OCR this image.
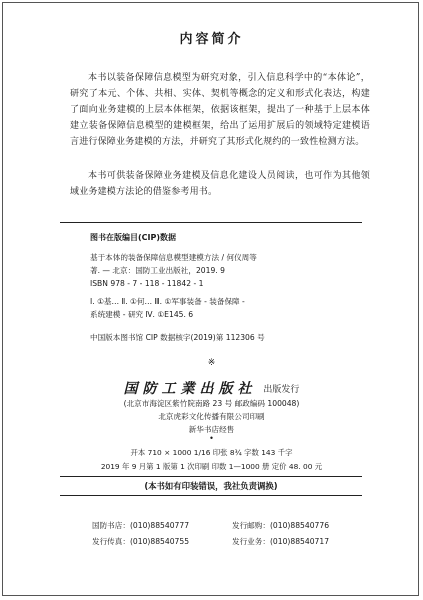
内容简介
本书以装备保障信息模型为研究对象，引入信息科学中的“本体论”，研究了本元、个体、共相、实体、契机等概念的定义和形式化表达，构建了面向业务建模的上层本体框架，依据该框架，提出了一种基于上层本体建立装备保障信息模型的建模框架，给出了运用扩展后的领域特定建模语言进行保障业务建模的方法，并研究了其形式化规约的一致性检测方法。
本书可供装备保障业务建模及信息化建设人员阅读，也可作为其他领域业务建模方法论的借鉴参考用书。
图书在版编目(CIP)数据
基于本体的装备保障信息模型建模方法 / 何仪周等
著. — 北京：国防工业出版社，2019. 9
ISBN 978 - 7 - 118 - 11842 - 1
Ⅰ. ①基… Ⅱ. ①何… Ⅲ. ①军事装备 - 装备保障 -
系统建模 - 研究 Ⅳ. ①E145. 6
中国版本图书馆 CIP 数据核字(2019)第 112306 号
※
国防工業出版社 出版发行
(北京市海淀区紫竹院南路 23 号 邮政编码 100048)
北京虎彩文化传播有限公司印刷
新华书店经售
•
开本 710 × 1000 1/16 印张 8¾ 字数 143 千字
2019 年 9 月第 1 版第 1 次印刷 印数 1—1000 册 定价 48. 00 元
(本书如有印装错误，我社负责调换)
国防书店：(010)88540777	发行邮购：(010)88540776
发行传真：(010)88540755	发行业务：(010)88540717
